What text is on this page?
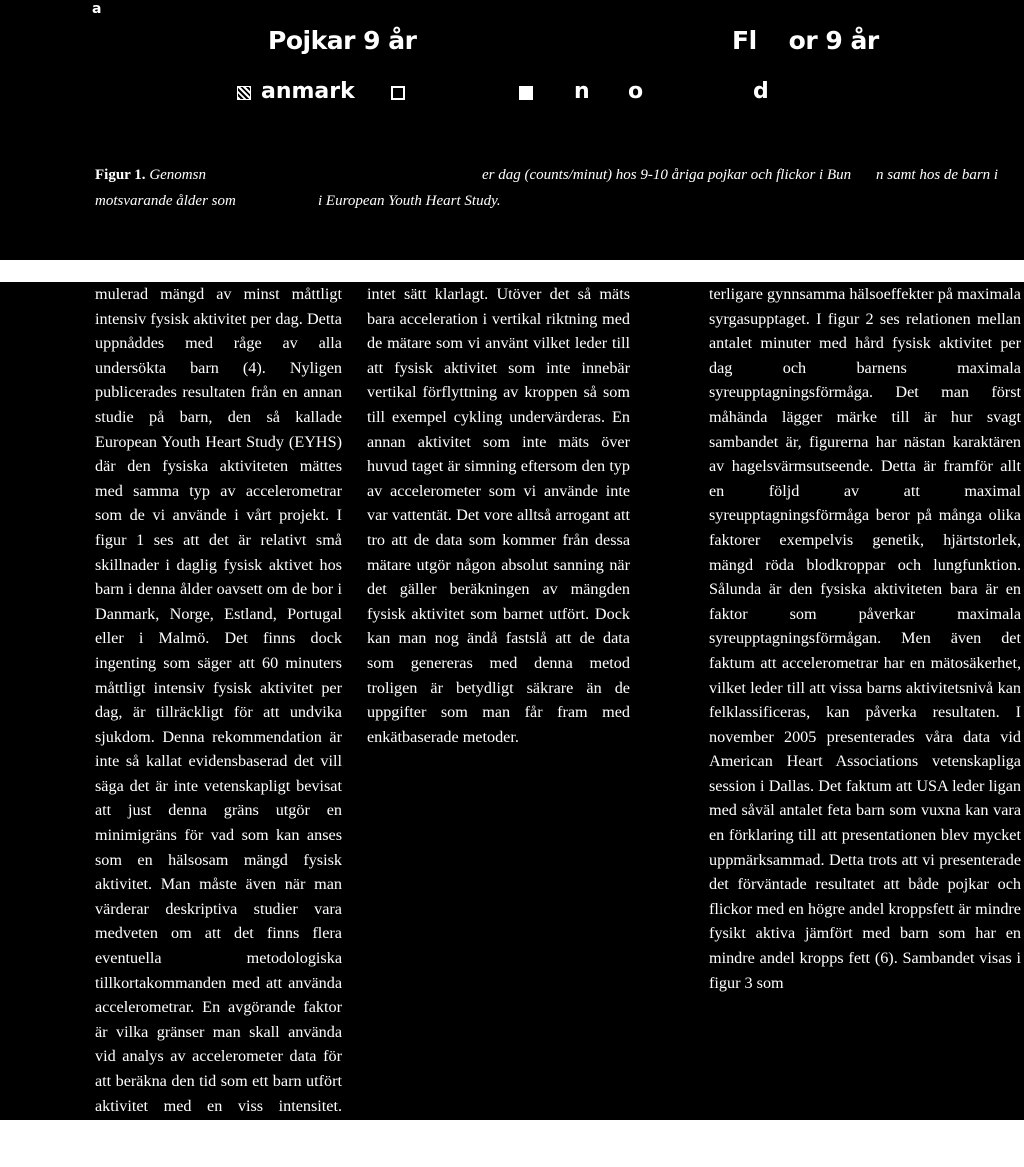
a
Pojkar 9 år	Fl or 9 år
anmark	n o	d
Figur 1. Genomsn	er dag (counts/minut) hos 9-10 åriga pojkar och flickor i Bun n samt hos de barn i
motsvarande ålder som	i European Youth Heart Study.

mulerad mängd av minst måttligt intensiv fysisk aktivitet per dag. Detta uppnåddes med råge av alla undersökta barn (4). Nyligen publicerades resultaten från en annan studie på barn, den så kallade European Youth Heart Study (EYHS) där den fysiska aktiviteten mättes med samma typ av accelerometrar som de vi använde i vårt projekt. I figur 1 ses att det är relativt små skillnader i daglig fysisk aktivet hos barn i denna ålder oavsett om de bor i Danmark, Norge, Estland, Portugal eller i Malmö. Det finns dock ingenting som säger att 60 minuters måttligt intensiv fysisk aktivitet per dag, är tillräckligt för att undvika sjukdom. Denna rekommendation är inte så kallat evidensbaserad det vill säga det är inte vetenskapligt bevisat att just denna gräns utgör en minimigräns för vad som kan anses som en hälsosam mängd fysisk aktivitet. Man måste även när man värderar deskriptiva studier vara medveten om att det finns flera eventuella metodologiska tillkortakommanden med att använda accelerometrar. En avgörande faktor är vilka gränser man skall använda vid analys av accelerometer data för att beräkna den tid som ett barn utfört aktivitet med en viss intensitet. Vilken gräns skall exempelvis sättas för måttlig aktivitet? Detta är på

intet sätt klarlagt. Utöver det så mäts bara acceleration i vertikal riktning med de mätare som vi använt vilket leder till att fysisk aktivitet som inte innebär vertikal förflyttning av kroppen så som till exempel cykling undervärderas. En annan aktivitet som inte mäts över huvud taget är simning eftersom den typ av accelerometer som vi använde inte var vattentät. Det vore alltså arrogant att tro att de data som kommer från dessa mätare utgör någon absolut sanning när det gäller beräkningen av mängden fysisk aktivitet som barnet utfört. Dock kan man nog ändå fastslå att de data som genereras med denna metod troligen är betydligt säkrare än de uppgifter som man får fram med enkätbaserade metoder.

terligare gynnsamma hälsoeffekter på maximala syrgasupptaget. I figur 2 ses relationen mellan antalet minuter med hård fysisk aktivitet per dag och barnens maximala syreupptagningsförmåga. Det man först måhända lägger märke till är hur svagt sambandet är, figurerna har nästan karaktären av hagelsvärmsutseende. Detta är framför allt en följd av att maximal syreupptagningsförmåga beror på många olika faktorer exempelvis genetik, hjärtstorlek, mängd röda blodkroppar och lungfunktion. Sålunda är den fysiska aktiviteten bara är en faktor som påverkar maximala syreupptagningsförmågan. Men även det faktum att accelerometrar har en mätosäkerhet, vilket leder till att vissa barns aktivitetsnivå kan felklassificeras, kan påverka resultaten. I november 2005 presenterades våra data vid American Heart Associations vetenskapliga session i Dallas. Det faktum att USA leder ligan med såväl antalet feta barn som vuxna kan vara en förklaring till att presentationen blev mycket uppmärksammad. Detta trots att vi presenterade det förväntade resultatet att både pojkar och flickor med en högre andel kroppsfett är mindre fysikt aktiva jämfört med barn som har en mindre andel kropps fett (6). Sambandet visas i figur 3 som
